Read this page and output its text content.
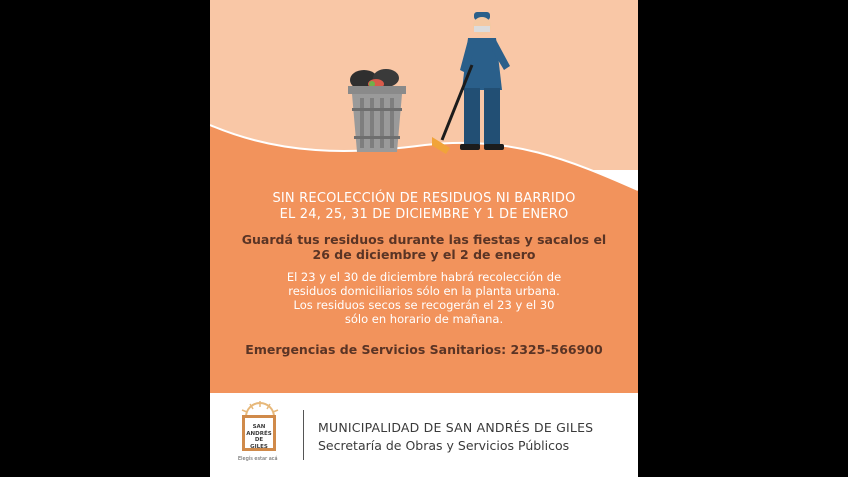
SIN RECOLECCIÓN DE RESIDUOS NI BARRIDO
EL 24, 25, 31 DE DICIEMBRE Y 1 DE ENERO
Guardá tus residuos durante las fiestas y sacalos el
26 de diciembre y el 2 de enero
El 23 y el 30 de diciembre habrá recolección de
residuos domiciliarios sólo en la planta urbana.
Los residuos secos se recogerán el 23 y el 30
sólo en horario de mañana.
Emergencias de Servicios Sanitarios: 2325-566900
SAN
ANDRÉS
DE GILES
Elegís estar acá
MUNICIPALIDAD DE SAN ANDRÉS DE GILES
Secretaría de Obras y Servicios Públicos
